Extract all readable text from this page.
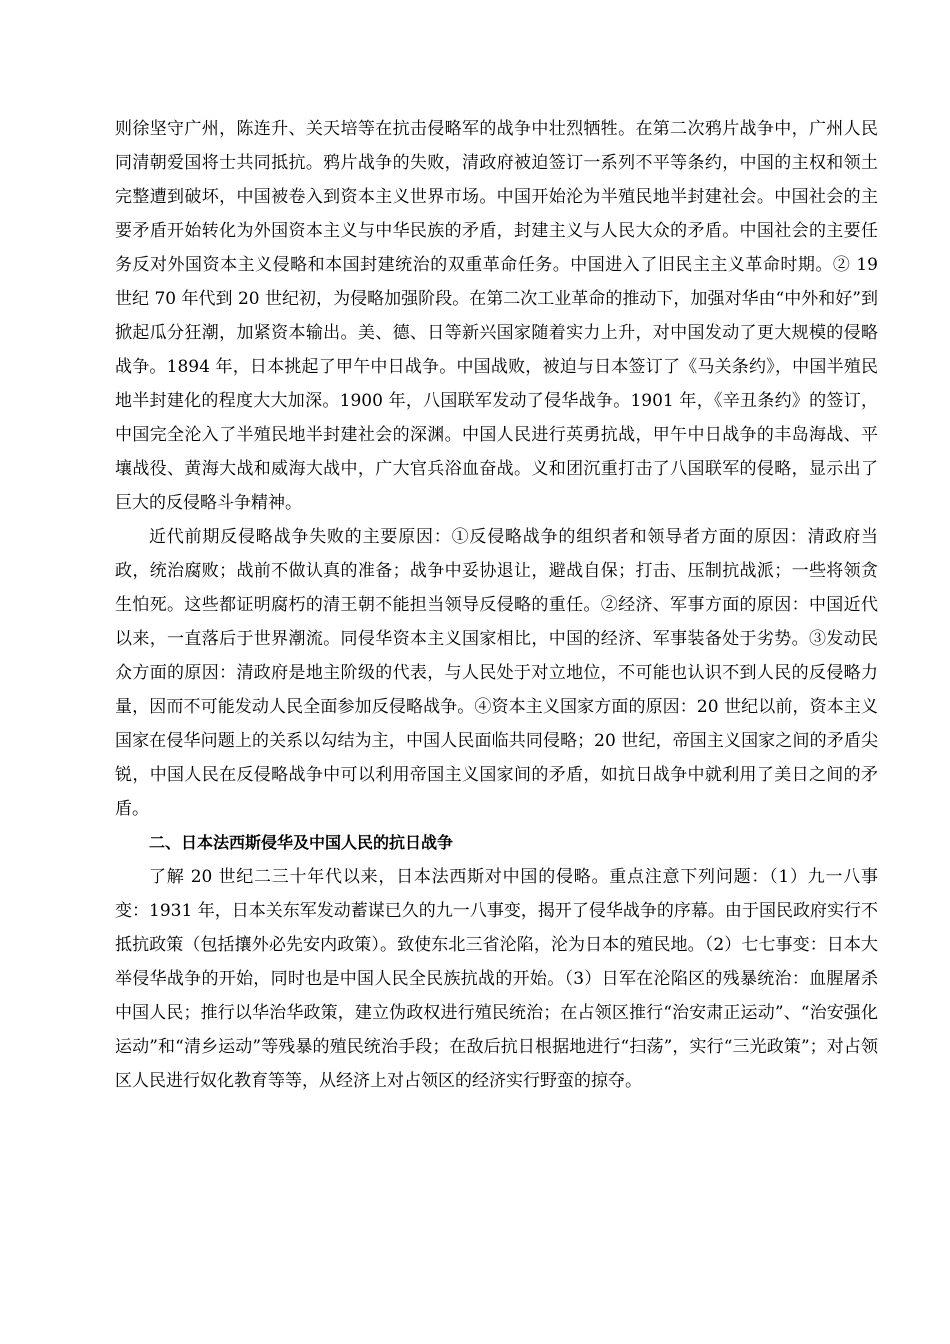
则徐坚守广州，陈连升、关天培等在抗击侵略军的战争中壮烈牺牲。在第二次鸦片战争中，广州人民同清朝爱国将士共同抵抗。鸦片战争的失败，清政府被迫签订一系列不平等条约，中国的主权和领土完整遭到破坏，中国被卷入到资本主义世界市场。中国开始沦为半殖民地半封建社会。中国社会的主要矛盾开始转化为外国资本主义与中华民族的矛盾，封建主义与人民大众的矛盾。中国社会的主要任务反对外国资本主义侵略和本国封建统治的双重革命任务。中国进入了旧民主主义革命时期。② 19 世纪 70 年代到 20 世纪初，为侵略加强阶段。在第二次工业革命的推动下，加强对华由“中外和好”到掀起瓜分狂潮，加紧资本输出。美、德、日等新兴国家随着实力上升，对中国发动了更大规模的侵略战争。1894 年，日本挑起了甲午中日战争。中国战败，被迫与日本签订了《马关条约》，中国半殖民地半封建化的程度大大加深。1900 年，八国联军发动了侵华战争。1901 年，《辛丑条约》的签订，中国完全沦入了半殖民地半封建社会的深渊。中国人民进行英勇抗战，甲午中日战争的丰岛海战、平壤战役、黄海大战和威海大战中，广大官兵浴血奋战。义和团沉重打击了八国联军的侵略，显示出了巨大的反侵略斗争精神。

近代前期反侵略战争失败的主要原因：①反侵略战争的组织者和领导者方面的原因：清政府当政，统治腐败；战前不做认真的准备；战争中妥协退让，避战自保；打击、压制抗战派；一些将领贪生怕死。这些都证明腐朽的清王朝不能担当领导反侵略的重任。②经济、军事方面的原因：中国近代以来，一直落后于世界潮流。同侵华资本主义国家相比，中国的经济、军事装备处于劣势。③发动民众方面的原因：清政府是地主阶级的代表，与人民处于对立地位，不可能也认识不到人民的反侵略力量，因而不可能发动人民全面参加反侵略战争。④资本主义国家方面的原因：20 世纪以前，资本主义国家在侵华问题上的关系以勾结为主，中国人民面临共同侵略；20 世纪，帝国主义国家之间的矛盾尖锐，中国人民在反侵略战争中可以利用帝国主义国家间的矛盾，如抗日战争中就利用了美日之间的矛盾。

二、日本法西斯侵华及中国人民的抗日战争

了解 20 世纪二三十年代以来，日本法西斯对中国的侵略。重点注意下列问题：（1）九一八事变：1931 年，日本关东军发动蓄谋已久的九一八事变，揭开了侵华战争的序幕。由于国民政府实行不抵抗政策（包括攘外必先安内政策）。致使东北三省沦陷，沦为日本的殖民地。（2）七七事变：日本大举侵华战争的开始，同时也是中国人民全民族抗战的开始。（3）日军在沦陷区的残暴统治：血腥屠杀中国人民；推行以华治华政策，建立伪政权进行殖民统治；在占领区推行“治安肃正运动”、“治安强化运动”和“清乡运动”等残暴的殖民统治手段；在敌后抗日根据地进行“扫荡”，实行“三光政策”；对占领区人民进行奴化教育等等，从经济上对占领区的经济实行野蛮的掠夺。
